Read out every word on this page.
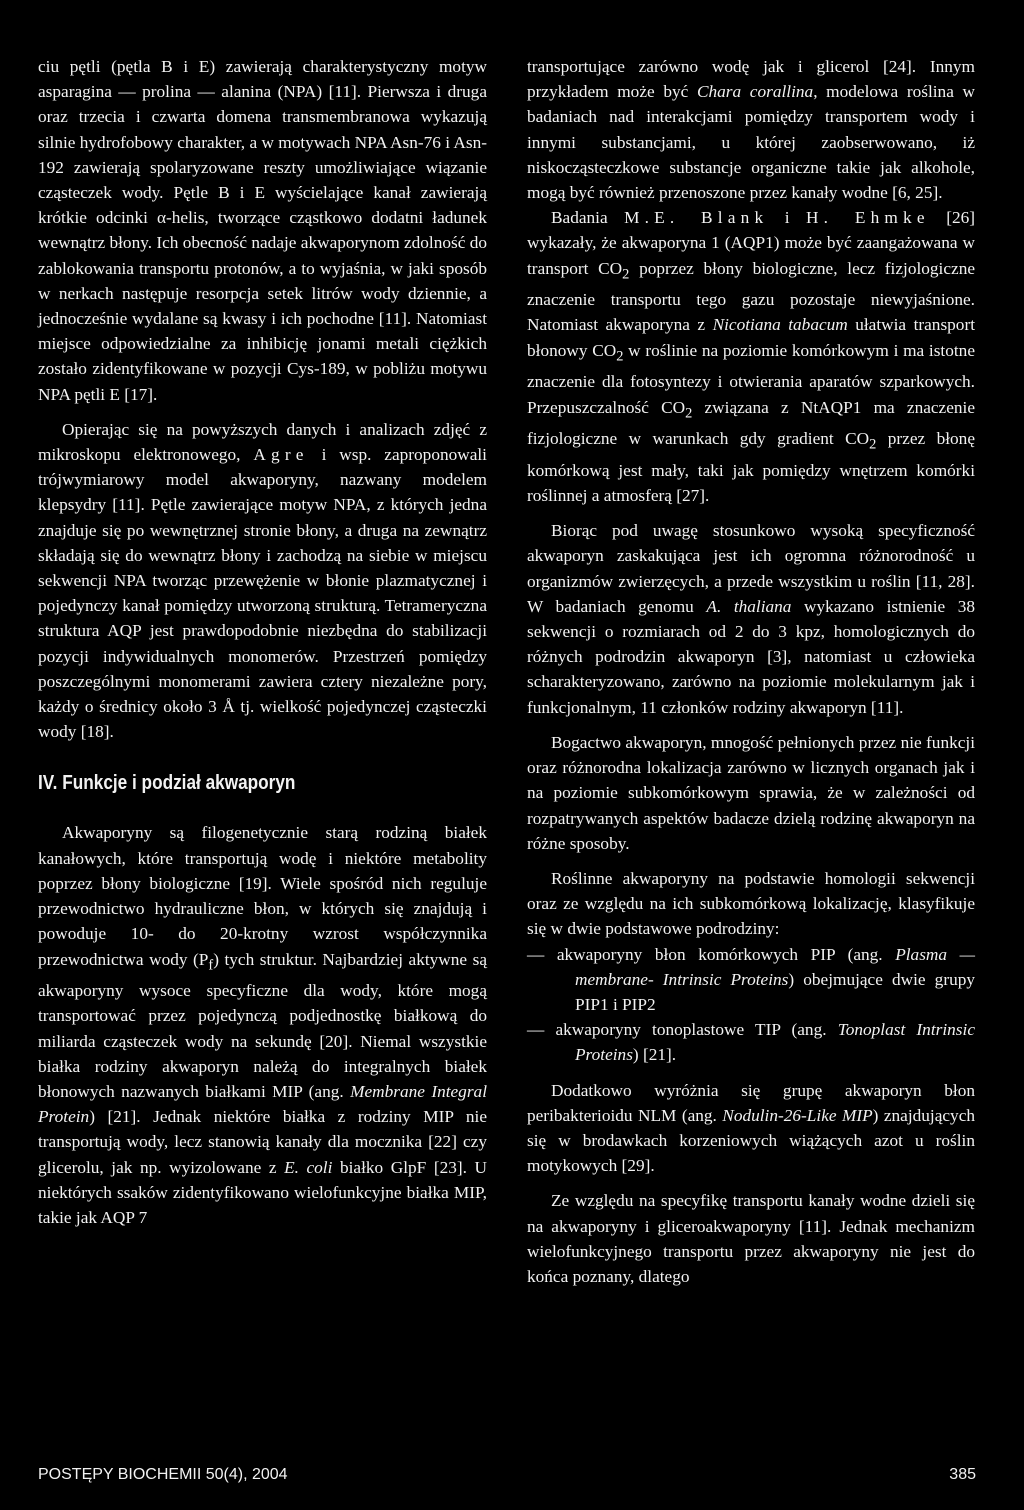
ciu pętli (pętla B i E) zawierają charakterystyczny motyw asparagina — prolina — alanina (NPA) [11]. Pierwsza i druga oraz trzecia i czwarta domena transmembranowa wykazują silnie hydrofobowy charakter, a w motywach NPA Asn-76 i Asn-192 zawierają spolaryzowane reszty umożliwiające wiązanie cząsteczek wody. Pętle B i E wyścielające kanał zawierają krótkie odcinki α-helis, tworzące cząstkowo dodatni ładunek wewnątrz błony. Ich obecność nadaje akwaporynom zdolność do zablokowania transportu protonów, a to wyjaśnia, w jaki sposób w nerkach następuje resorpcja setek litrów wody dziennie, a jednocześnie wydalane są kwasy i ich pochodne [11]. Natomiast miejsce odpowiedzialne za inhibicję jonami metali ciężkich zostało zidentyfikowane w pozycji Cys-189, w pobliżu motywu NPA pętli E [17].

Opierając się na powyższych danych i analizach zdjęć z mikroskopu elektronowego, Agre i wsp. zaproponowali trójwymiarowy model akwaporyny, nazwany modelem klepsydry [11]. Pętle zawierające motyw NPA, z których jedna znajduje się po wewnętrznej stronie błony, a druga na zewnątrz składają się do wewnątrz błony i zachodzą na siebie w miejscu sekwencji NPA tworząc przewężenie w błonie plazmatycznej i pojedynczy kanał pomiędzy utworzoną strukturą. Tetrameryczna struktura AQP jest prawdopodobnie niezbędna do stabilizacji pozycji indywidualnych monomerów. Przestrzeń pomiędzy poszczególnymi monomerami zawiera cztery niezależne pory, każdy o średnicy około 3 Å tj. wielkość pojedynczej cząsteczki wody [18].

IV. Funkcje i podział akwaporyn

Akwaporyny są filogenetycznie starą rodziną białek kanałowych, które transportują wodę i niektóre metabolity poprzez błony biologiczne [19]. Wiele spośród nich reguluje przewodnictwo hydrauliczne błon, w których się znajdują i powoduje 10- do 20-krotny wzrost współczynnika przewodnictwa wody $(P_f)$ tych struktur. Najbardziej aktywne są akwaporyny wysoce specyficzne dla wody, które mogą transportować przez pojedynczą podjednostkę białkową do miliarda cząsteczek wody na sekundę [20]. Niemal wszystkie białka rodziny akwaporyn należą do integralnych białek błonowych nazwanych białkami MIP (ang. Membrane Integral Protein) [21]. Jednak niektóre białka z rodziny MIP nie transportują wody, lecz stanowią kanały dla mocznika [22] czy glicerolu, jak np. wyizolowane z E. coli białko GlpF [23]. U niektórych ssaków zidentyfikowano wielofunkcyjne białka MIP, takie jak AQP 7

transportujące zarówno wodę jak i glicerol [24]. Innym przykładem może być Chara corallina, modelowa roślina w badaniach nad interakcjami pomiędzy transportem wody i innymi substancjami, u której zaobserwowano, iż niskocząsteczkowe substancje organiczne takie jak alkohole, mogą być również przenoszone przez kanały wodne [6, 25].

Badania M.E. Blank i H. Ehmke [26] wykazały, że akwaporyna 1 (AQP1) może być zaangażowana w transport $CO_2$ poprzez błony biologiczne, lecz fizjologiczne znaczenie transportu tego gazu pozostaje niewyjaśnione. Natomiast akwaporyna z Nicotiana tabacum ułatwia transport błonowy $CO_2$ w roślinie na poziomie komórkowym i ma istotne znaczenie dla fotosyntezy i otwierania aparatów szparkowych. Przepuszczalność $CO_2$ związana z NtAQP1 ma znaczenie fizjologiczne w warunkach gdy gradient $CO_2$ przez błonę komórkową jest mały, taki jak pomiędzy wnętrzem komórki roślinnej a atmosferą [27].

Biorąc pod uwagę stosunkowo wysoką specyficzność akwaporyn zaskakująca jest ich ogromna różnorodność u organizmów zwierzęcych, a przede wszystkim u roślin [11, 28]. W badaniach genomu A. thaliana wykazano istnienie 38 sekwencji o rozmiarach od 2 do 3 kpz, homologicznych do różnych podrodzin akwaporyn [3], natomiast u człowieka scharakteryzowano, zarówno na poziomie molekularnym jak i funkcjonalnym, 11 członków rodziny akwaporyn [11].

Bogactwo akwaporyn, mnogość pełnionych przez nie funkcji oraz różnorodna lokalizacja zarówno w licznych organach jak i na poziomie subkomórkowym sprawia, że w zależności od rozpatrywanych aspektów badacze dzielą rodzinę akwaporyn na różne sposoby.

Roślinne akwaporyny na podstawie homologii sekwencji oraz ze względu na ich subkomórkową lokalizację, klasyfikuje się w dwie podstawowe podrodziny:

— akwaporyny błon komórkowych PIP (ang. Plasma — membrane- Intrinsic Proteins) obejmujące dwie grupy PIP1 i PIP2

— akwaporyny tonoplastowe TIP (ang. Tonoplast Intrinsic Proteins) [21].

Dodatkowo wyróżnia się grupę akwaporyn błon peribakterioidu NLM (ang. Nodulin-26-Like MIP) znajdujących się w brodawkach korzeniowych wiążących azot u roślin motykowych [29].

Ze względu na specyfikę transportu kanały wodne dzieli się na akwaporyny i gliceroakwaporyny [11]. Jednak mechanizm wielofunkcyjnego transportu przez akwaporyny nie jest do końca poznany, dlatego

POSTĘPY BIOCHEMII 50(4), 2004	385
